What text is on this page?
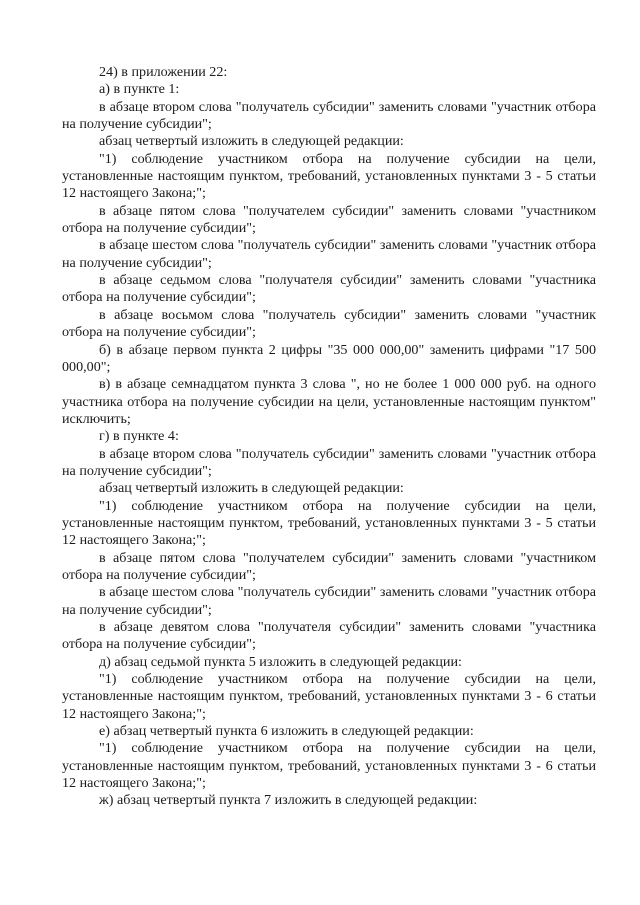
24) в приложении 22:

а) в пункте 1:

в абзаце втором слова "получатель субсидии" заменить словами "участник отбора на получение субсидии";

абзац четвертый изложить в следующей редакции:

"1) соблюдение участником отбора на получение субсидии на цели, установленные настоящим пунктом, требований, установленных пунктами 3 - 5 статьи 12 настоящего Закона;";

в абзаце пятом слова "получателем субсидии" заменить словами "участником отбора на получение субсидии";

в абзаце шестом слова "получатель субсидии" заменить словами "участник отбора на получение субсидии";

в абзаце седьмом слова "получателя субсидии" заменить словами "участника отбора на получение субсидии";

в абзаце восьмом слова "получатель субсидии" заменить словами "участник отбора на получение субсидии";

б) в абзаце первом пункта 2 цифры "35 000 000,00" заменить цифрами "17 500 000,00";

в) в абзаце семнадцатом пункта 3 слова ", но не более 1 000 000 руб. на одного участника отбора на получение субсидии на цели, установленные настоящим пунктом" исключить;

г) в пункте 4:

в абзаце втором слова "получатель субсидии" заменить словами "участник отбора на получение субсидии";

абзац четвертый изложить в следующей редакции:

"1) соблюдение участником отбора на получение субсидии на цели, установленные настоящим пунктом, требований, установленных пунктами 3 - 5 статьи 12 настоящего Закона;";

в абзаце пятом слова "получателем субсидии" заменить словами "участником отбора на получение субсидии";

в абзаце шестом слова "получатель субсидии" заменить словами "участник отбора на получение субсидии";

в абзаце девятом слова "получателя субсидии" заменить словами "участника отбора на получение субсидии";

д) абзац седьмой пункта 5 изложить в следующей редакции:

"1) соблюдение участником отбора на получение субсидии на цели, установленные настоящим пунктом, требований, установленных пунктами 3 - 6 статьи 12 настоящего Закона;";

е) абзац четвертый пункта 6 изложить в следующей редакции:

"1) соблюдение участником отбора на получение субсидии на цели, установленные настоящим пунктом, требований, установленных пунктами 3 - 6 статьи 12 настоящего Закона;";

ж) абзац четвертый пункта 7 изложить в следующей редакции:
